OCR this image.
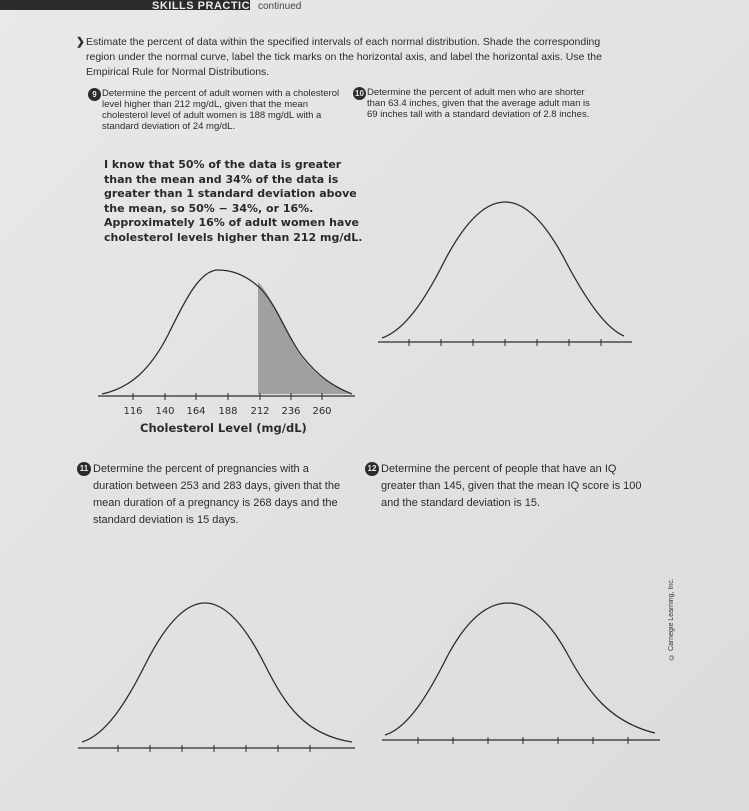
SKILLS PRACTICE continued
❯ Estimate the percent of data within the specified intervals of each normal distribution. Shade the corresponding region under the normal curve, label the tick marks on the horizontal axis, and label the horizontal axis. Use the Empirical Rule for Normal Distributions.
9 Determine the percent of adult women with a cholesterol level higher than 212 mg/dL, given that the mean cholesterol level of adult women is 188 mg/dL with a standard deviation of 24 mg/dL.
10 Determine the percent of adult men who are shorter than 63.4 inches, given that the average adult man is 69 inches tall with a standard deviation of 2.8 inches.
I know that 50% of the data is greater than the mean and 34% of the data is greater than 1 standard deviation above the mean, so 50% − 34%, or 16%. Approximately 16% of adult women have cholesterol levels higher than 212 mg/dL.
116 140 164 188 212 236 260
Cholesterol Level (mg/dL)
11 Determine the percent of pregnancies with a duration between 253 and 283 days, given that the mean duration of a pregnancy is 268 days and the standard deviation is 15 days.
12 Determine the percent of people that have an IQ greater than 145, given that the mean IQ score is 100 and the standard deviation is 15.
© Carnegie Learning, Inc.
